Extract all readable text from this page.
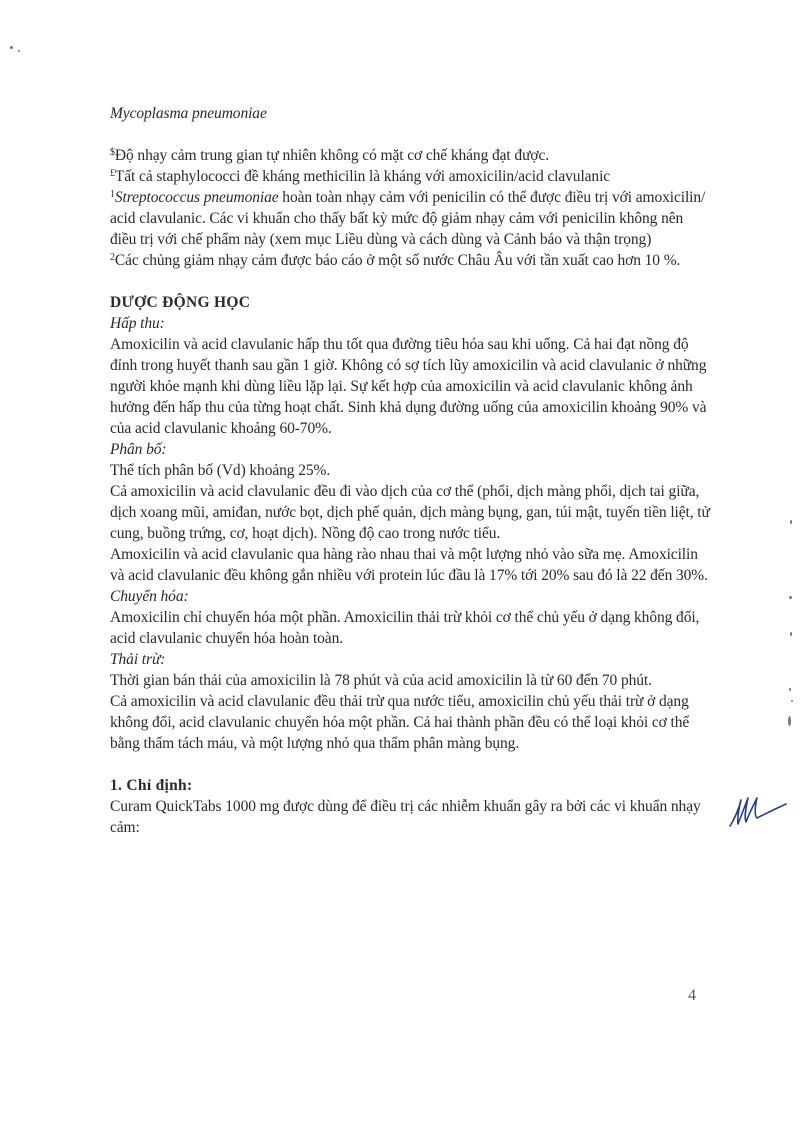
Mycoplasma pneumoniae

$Độ nhạy cảm trung gian tự nhiên không có mặt cơ chế kháng đạt được.

£Tất cả staphylococci đề kháng methicilin là kháng với amoxicilin/acid clavulanic

$^1$Streptococcus pneumoniae hoàn toàn nhạy cảm với penicilin có thể được điều trị với amoxicilin/ acid clavulanic. Các vi khuẩn cho thấy bất kỳ mức độ giảm nhạy cảm với penicilin không nên điều trị với chế phẩm này (xem mục Liều dùng và cách dùng và Cảnh báo và thận trọng)

$^2$Các chủng giảm nhạy cảm được báo cáo ở một số nước Châu Âu với tần xuất cao hơn 10 %.

DƯỢC ĐỘNG HỌC

Hấp thu:

Amoxicilin và acid clavulanic hấp thu tốt qua đường tiêu hóa sau khi uống. Cả hai đạt nồng độ đỉnh trong huyết thanh sau gần 1 giờ. Không có sợ tích lũy amoxicilin và acid clavulanic ở những người khỏe mạnh khi dùng liều lặp lại. Sự kết hợp của amoxicilin và acid clavulanic không ảnh hưởng đến hấp thu của từng hoạt chất. Sinh khả dụng đường uống của amoxicilin khoảng 90% và của acid clavulanic khoảng 60-70%.

Phân bố:

Thể tích phân bố (Vd) khoảng 25%.

Cả amoxicilin và acid clavulanic đều đi vào dịch của cơ thể (phổi, dịch màng phổi, dịch tai giữa, dịch xoang mũi, amiđan, nước bọt, dịch phế quản, dịch màng bụng, gan, túi mật, tuyến tiền liệt, tử cung, buồng trứng, cơ, hoạt dịch). Nồng độ cao trong nước tiểu.

Amoxicilin và acid clavulanic qua hàng rào nhau thai và một lượng nhỏ vào sữa mẹ. Amoxicilin và acid clavulanic đều không gắn nhiều với protein lúc đầu là 17% tới 20% sau đó là 22 đến 30%.

Chuyển hóa:

Amoxicilin chỉ chuyển hóa một phần. Amoxicilin thải trừ khỏi cơ thể chủ yếu ở dạng không đổi, acid clavulanic chuyển hóa hoàn toàn.

Thải trừ:

Thời gian bán thải của amoxicilin là 78 phút và của acid amoxicilin là từ 60 đến 70 phút.

Cả amoxicilin và acid clavulanic đều thải trừ qua nước tiểu, amoxicilin chủ yếu thải trừ ở dạng không đổi, acid clavulanic chuyển hóa một phần. Cả hai thành phần đều có thể loại khỏi cơ thể bằng thẩm tách máu, và một lượng nhỏ qua thẩm phân màng bụng.

1. Chỉ định:

Curam QuickTabs 1000 mg được dùng để điều trị các nhiễm khuẩn gây ra bởi các vi khuẩn nhạy cảm:

4
